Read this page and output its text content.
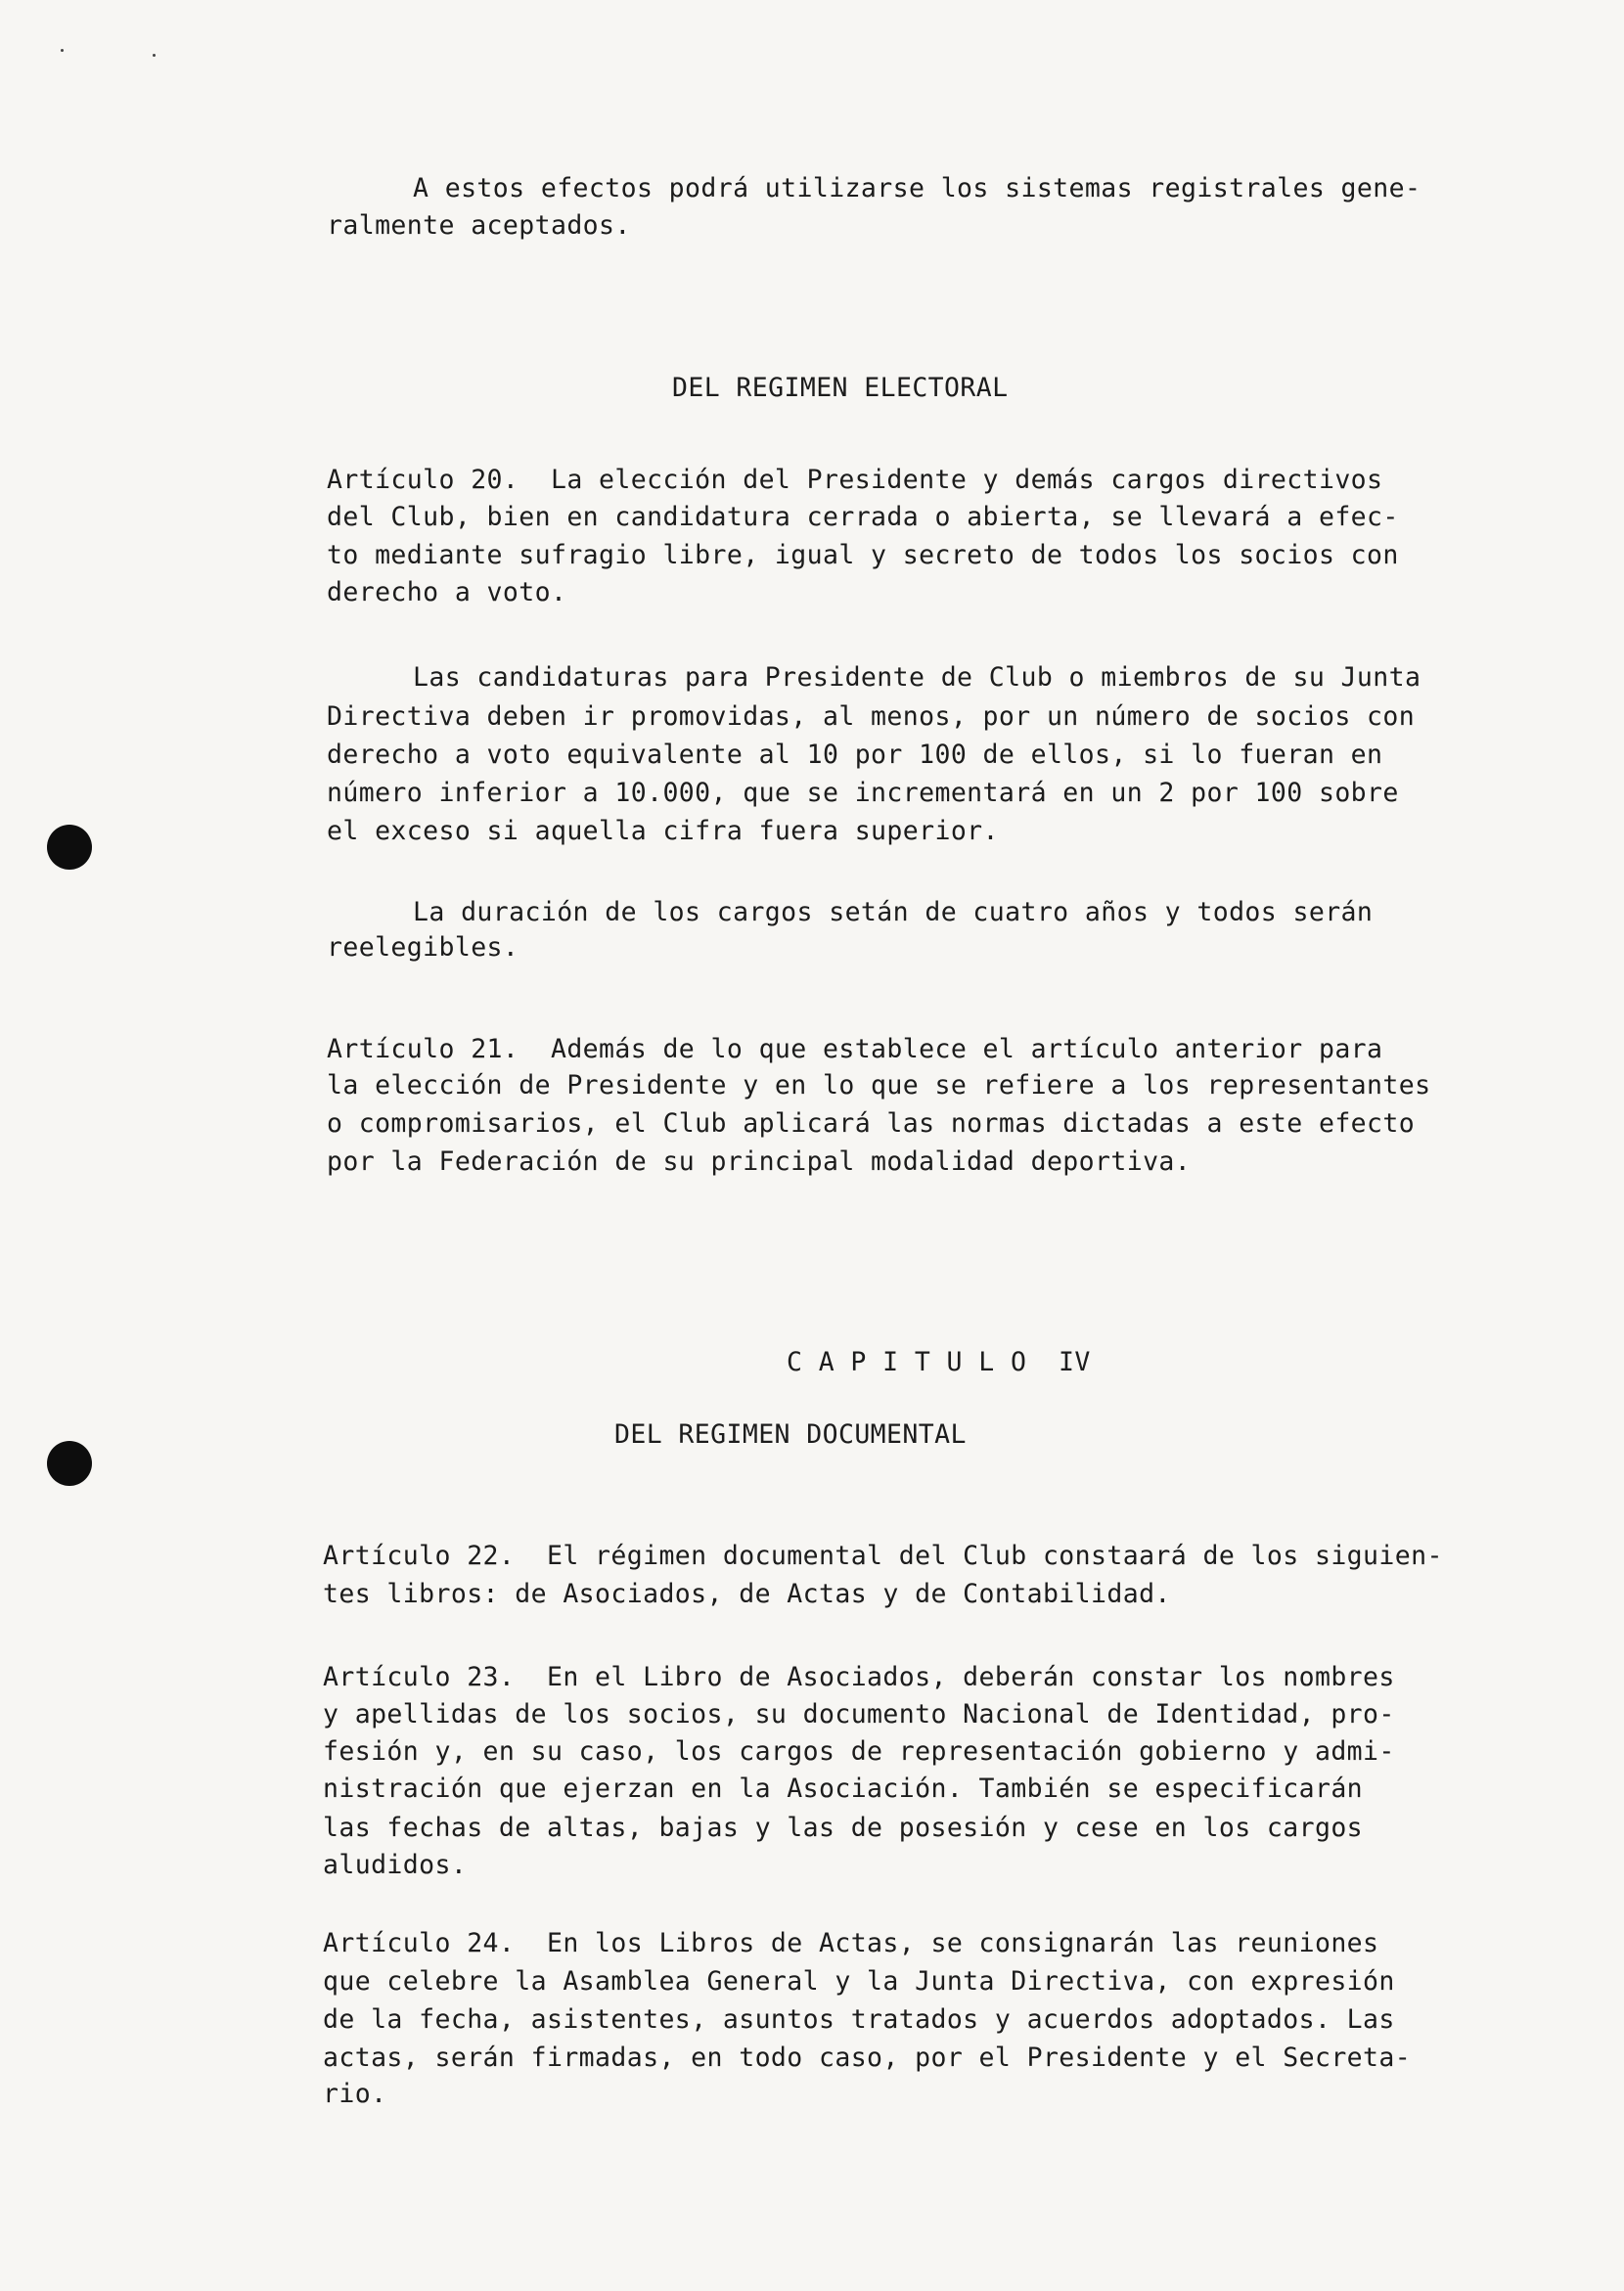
A estos efectos podrá utilizarse los sistemas registrales gene-
ralmente aceptados.
DEL REGIMEN ELECTORAL
Artículo 20.  La elección del Presidente y demás cargos directivos
del Club, bien en candidatura cerrada o abierta, se llevará a efec-
to mediante sufragio libre, igual y secreto de todos los socios con
derecho a voto.
Las candidaturas para Presidente de Club o miembros de su Junta
Directiva deben ir promovidas, al menos, por un número de socios con
derecho a voto equivalente al 10 por 100 de ellos, si lo fueran en
número inferior a 10.000, que se incrementará en un 2 por 100 sobre
el exceso si aquella cifra fuera superior.
La duración de los cargos setán de cuatro años y todos serán
reelegibles.
Artículo 21.  Además de lo que establece el artículo anterior para
la elección de Presidente y en lo que se refiere a los representantes
o compromisarios, el Club aplicará las normas dictadas a este efecto
por la Federación de su principal modalidad deportiva.
C A P I T U L O  IV
DEL REGIMEN DOCUMENTAL
Artículo 22.  El régimen documental del Club constaará de los siguien-
tes libros: de Asociados, de Actas y de Contabilidad.
Artículo 23.  En el Libro de Asociados, deberán constar los nombres
y apellidas de los socios, su documento Nacional de Identidad, pro-
fesión y, en su caso, los cargos de representación gobierno y admi-
nistración que ejerzan en la Asociación. También se especificarán
las fechas de altas, bajas y las de posesión y cese en los cargos
aludidos.
Artículo 24.  En los Libros de Actas, se consignarán las reuniones
que celebre la Asamblea General y la Junta Directiva, con expresión
de la fecha, asistentes, asuntos tratados y acuerdos adoptados. Las
actas, serán firmadas, en todo caso, por el Presidente y el Secreta-
rio.
